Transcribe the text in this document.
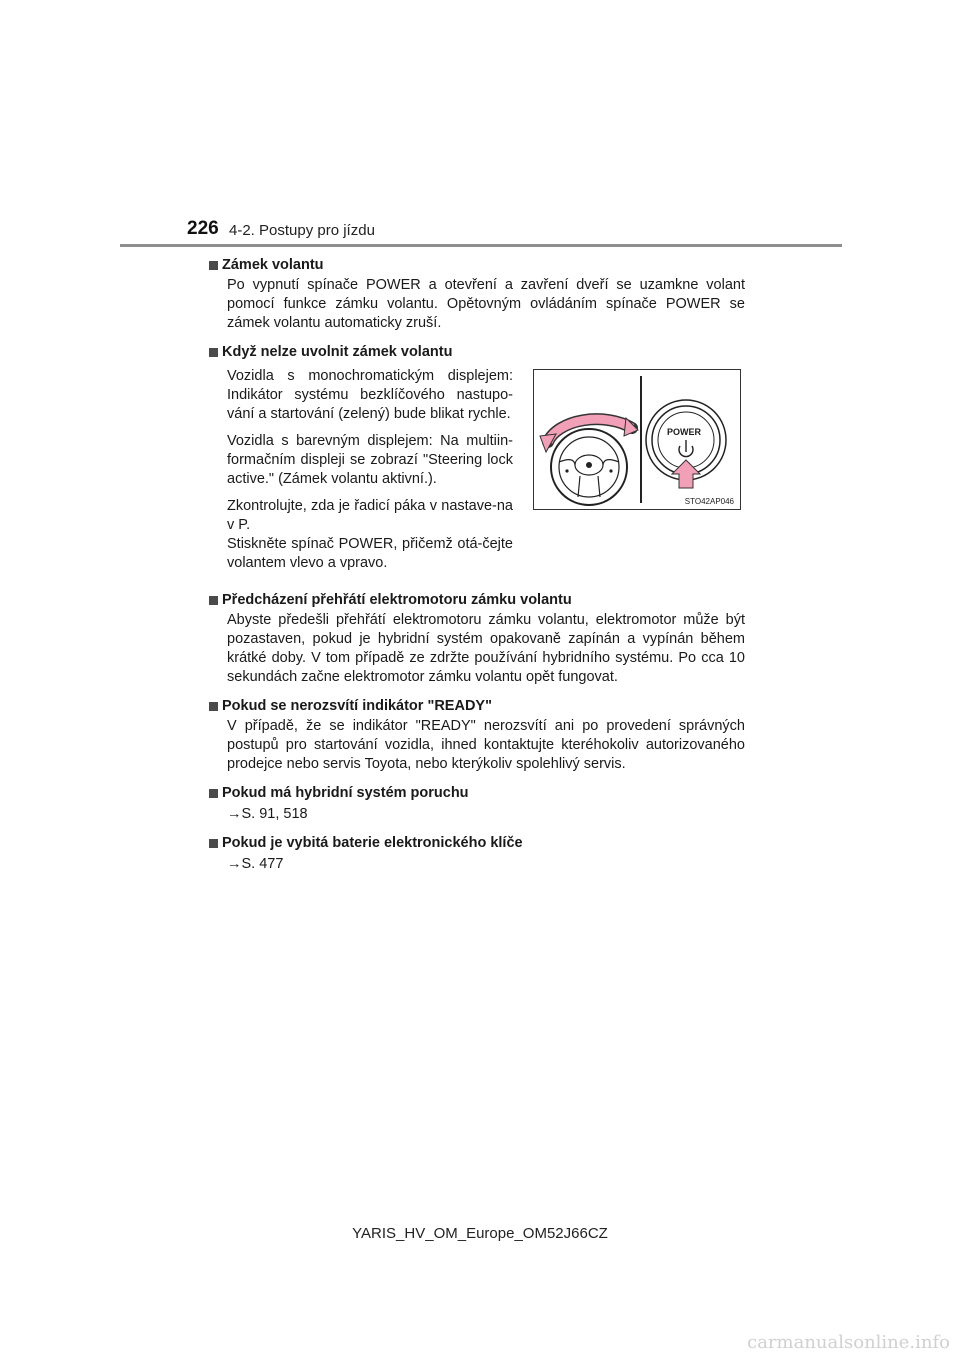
226 4-2. Postupy pro jízdu

Zámek volantu

Po vypnutí spínače POWER a otevření a zavření dveří se uzamkne volant pomocí funkce zámku volantu. Opětovným ovládáním spínače POWER se zámek volantu automaticky zruší.

Když nelze uvolnit zámek volantu

Vozidla s monochromatickým displejem: Indikátor systému bezklíčového nastupo-vání a startování (zelený) bude blikat rychle.

Vozidla s barevným displejem: Na multiin-formačním displeji se zobrazí "Steering lock active." (Zámek volantu aktivní.).

Zkontrolujte, zda je řadicí páka v nastave-na v P.

Stiskněte spínač POWER, přičemž otá-čejte volantem vlevo a vpravo.

POWER
STO42AP046

Předcházení přehřátí elektromotoru zámku volantu

Abyste předešli přehřátí elektromotoru zámku volantu, elektromotor může být pozastaven, pokud je hybridní systém opakovaně zapínán a vypínán během krátké doby. V tom případě ze zdržte používání hybridního systému. Po cca 10 sekundách začne elektromotor zámku volantu opět fungovat.

Pokud se nerozsvítí indikátor "READY"

V případě, že se indikátor "READY" nerozsvítí ani po provedení správných postupů pro startování vozidla, ihned kontaktujte kteréhokoliv autorizovaného prodejce nebo servis Toyota, nebo kterýkoliv spolehlivý servis.

Pokud má hybridní systém poruchu

→S. 91, 518

Pokud je vybitá baterie elektronického klíče

→S. 477

YARIS_HV_OM_Europe_OM52J66CZ
carmanualsonline.info
